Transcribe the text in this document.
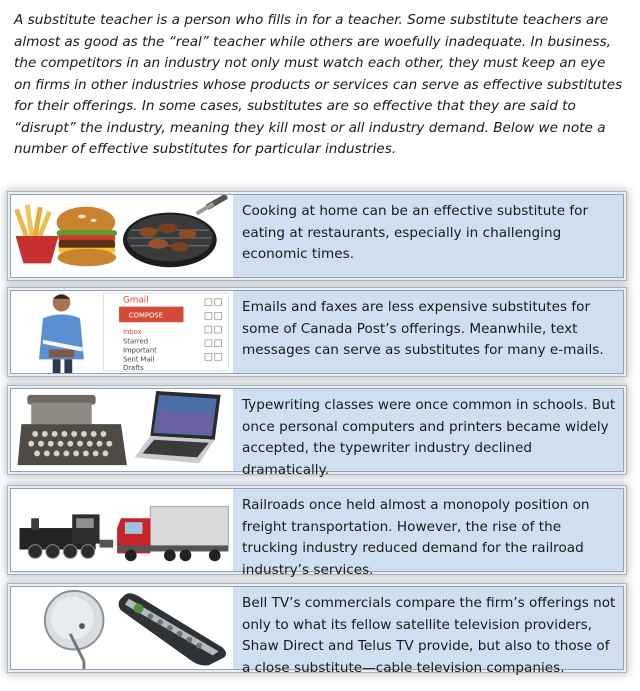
A substitute teacher is a person who fills in for a teacher. Some substitute teachers are almost as good as the “real” teacher while others are woefully inadequate. In business, the competitors in an industry not only must watch each other, they must keep an eye on firms in other industries whose products or services can serve as effective substitutes for their offerings. In some cases, substitutes are so effective that they are said to “disrupt” the industry, meaning they kill most or all industry demand. Below we note a number of effective substitutes for particular industries.

Cooking at home can be an effective substitute for eating at restaurants, especially in challenging economic times.
Gmail
COMPOSE
Inbox
Starred
Important
Sent Mail
Drafts
Emails and faxes are less expensive substitutes for some of Canada Post’s offerings. Meanwhile, text messages can serve as substitutes for many e-mails.
Typewriting classes were once common in schools. But once personal computers and printers became widely accepted, the typewriter industry declined dramatically.
Railroads once held almost a monopoly position on freight transportation. However, the rise of the trucking industry reduced demand for the railroad industry’s services.
Bell TV’s commercials compare the firm’s offerings not only to what its fellow satellite television providers, Shaw Direct and Telus TV provide, but also to those of a close substitute—cable television companies.
